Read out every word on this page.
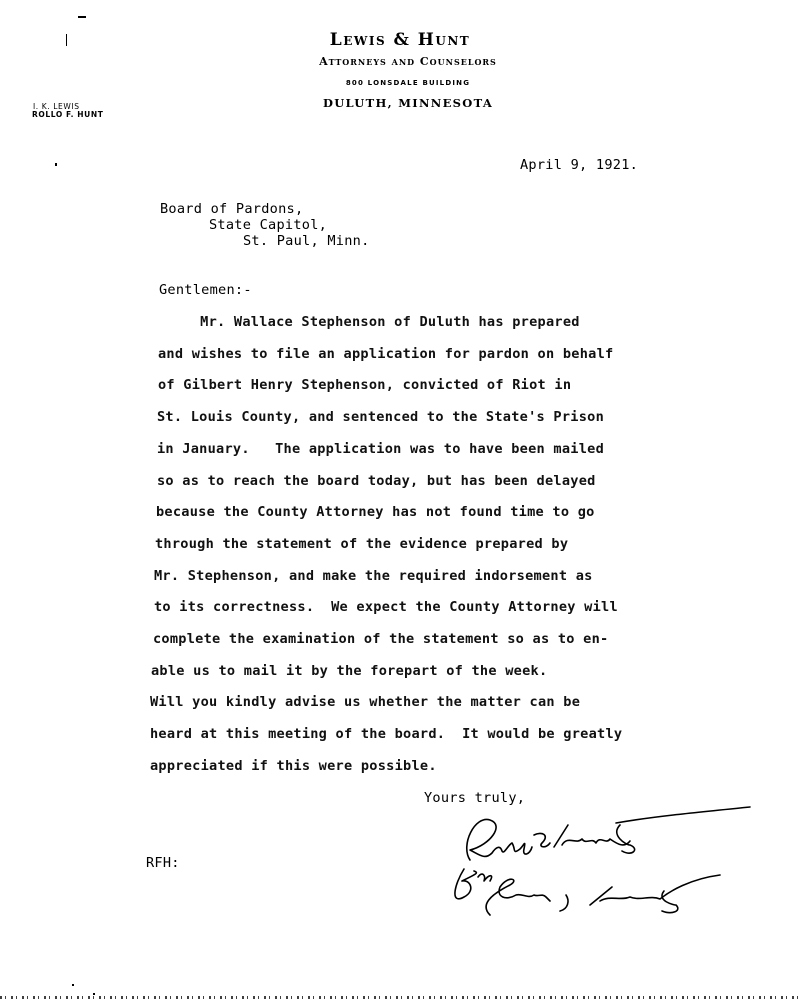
Lewis & Hunt
Attorneys and Counselors
800 LONSDALE BUILDING
DULUTH, MINNESOTA
I. K. LEWIS
ROLLO F. HUNT
April 9, 1921.
Board of Pardons,
State Capitol,
St. Paul, Minn.
Gentlemen:-
Mr. Wallace Stephenson of Duluth has prepared
and wishes to file an application for pardon on behalf
of Gilbert Henry Stephenson, convicted of Riot in
St. Louis County, and sentenced to the State's Prison
in January.   The application was to have been mailed
so as to reach the board today, but has been delayed
because the County Attorney has not found time to go
through the statement of the evidence prepared by
Mr. Stephenson, and make the required indorsement as
to its correctness.  We expect the County Attorney will
complete the examination of the statement so as to en-
able us to mail it by the forepart of the week.
Will you kindly advise us whether the matter can be
heard at this meeting of the board.  It would be greatly
appreciated if this were possible.
Yours truly,
RFH:
